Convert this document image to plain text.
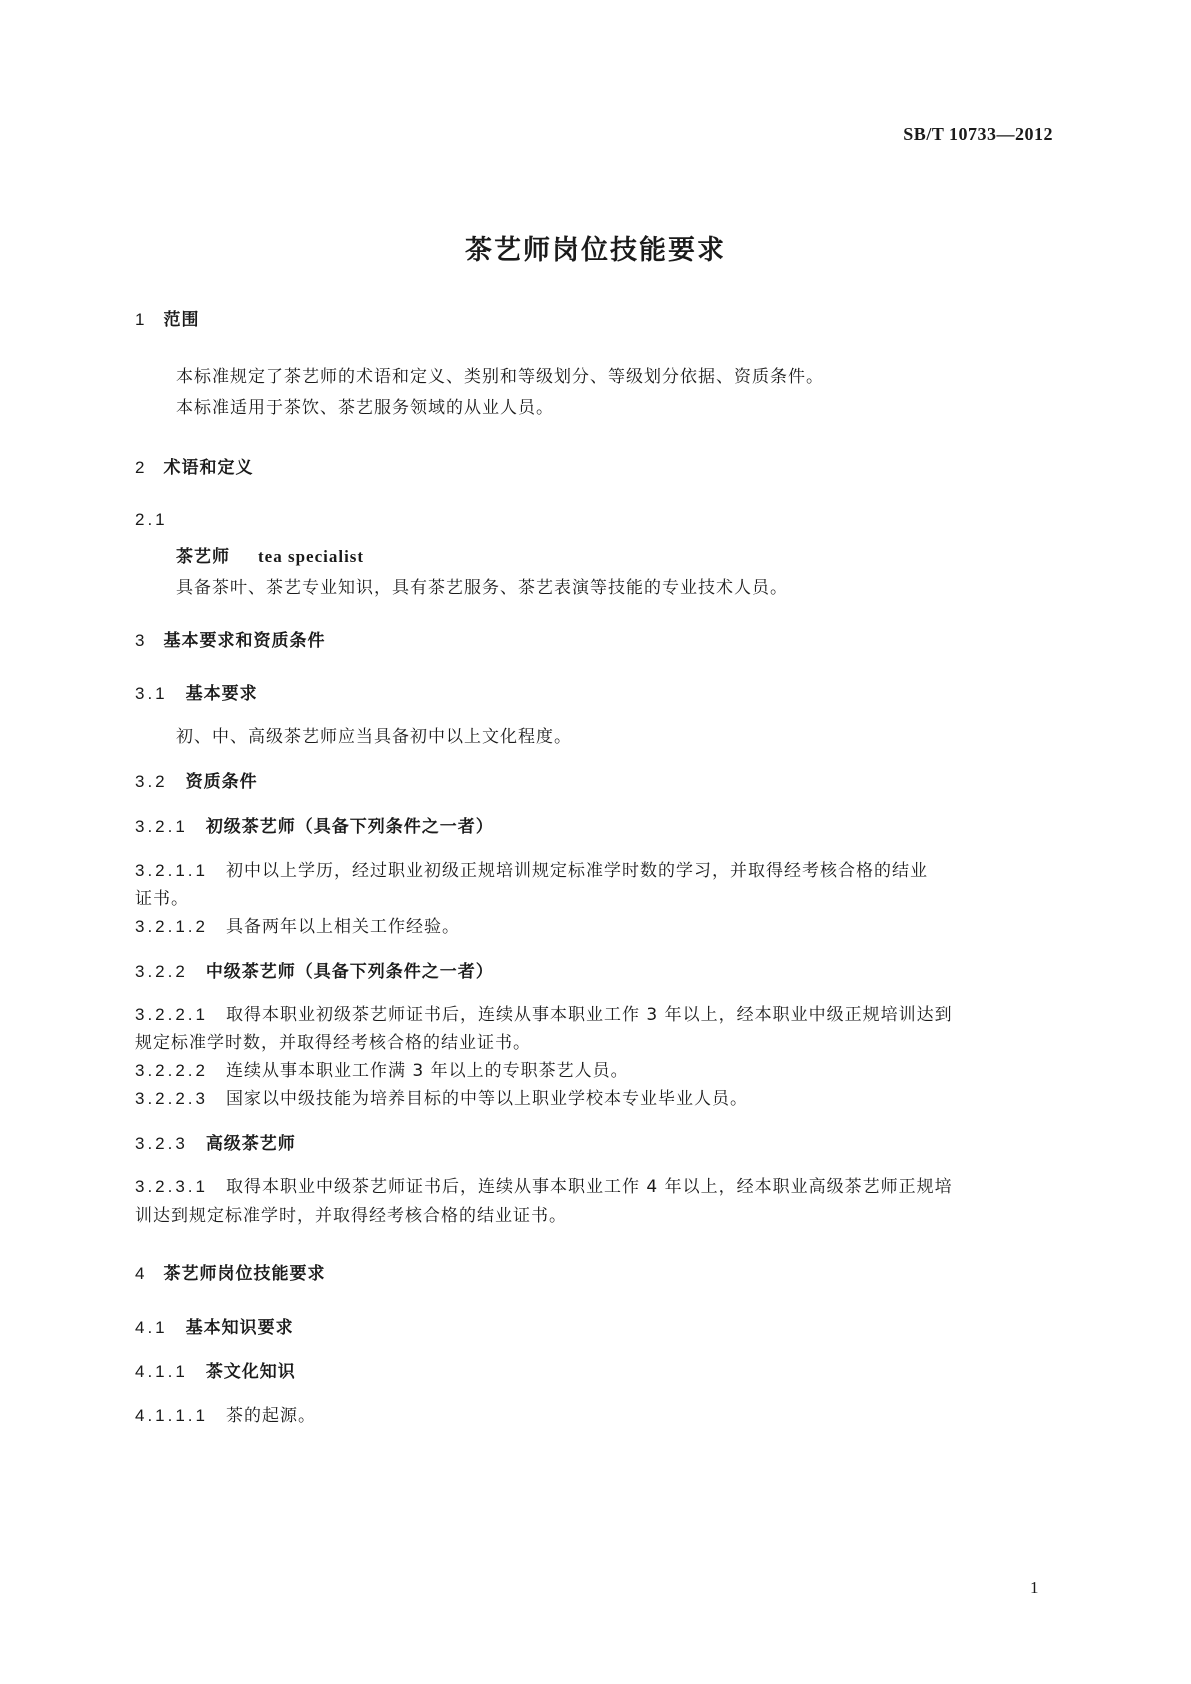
SB/T 10733—2012
茶艺师岗位技能要求
1 范围
本标准规定了茶艺师的术语和定义、类别和等级划分、等级划分依据、资质条件。
本标准适用于茶饮、茶艺服务领域的从业人员。
2 术语和定义
2.1
茶艺师 tea specialist
具备茶叶、茶艺专业知识，具有茶艺服务、茶艺表演等技能的专业技术人员。
3 基本要求和资质条件
3.1 基本要求
初、中、高级茶艺师应当具备初中以上文化程度。
3.2 资质条件
3.2.1 初级茶艺师（具备下列条件之一者）
3.2.1.1 初中以上学历，经过职业初级正规培训规定标准学时数的学习，并取得经考核合格的结业
证书。
3.2.1.2 具备两年以上相关工作经验。
3.2.2 中级茶艺师（具备下列条件之一者）
3.2.2.1 取得本职业初级茶艺师证书后，连续从事本职业工作 3 年以上，经本职业中级正规培训达到
规定标准学时数，并取得经考核合格的结业证书。
3.2.2.2 连续从事本职业工作满 3 年以上的专职茶艺人员。
3.2.2.3 国家以中级技能为培养目标的中等以上职业学校本专业毕业人员。
3.2.3 高级茶艺师
3.2.3.1 取得本职业中级茶艺师证书后，连续从事本职业工作 4 年以上，经本职业高级茶艺师正规培
训达到规定标准学时，并取得经考核合格的结业证书。
4 茶艺师岗位技能要求
4.1 基本知识要求
4.1.1 茶文化知识
4.1.1.1 茶的起源。
1
